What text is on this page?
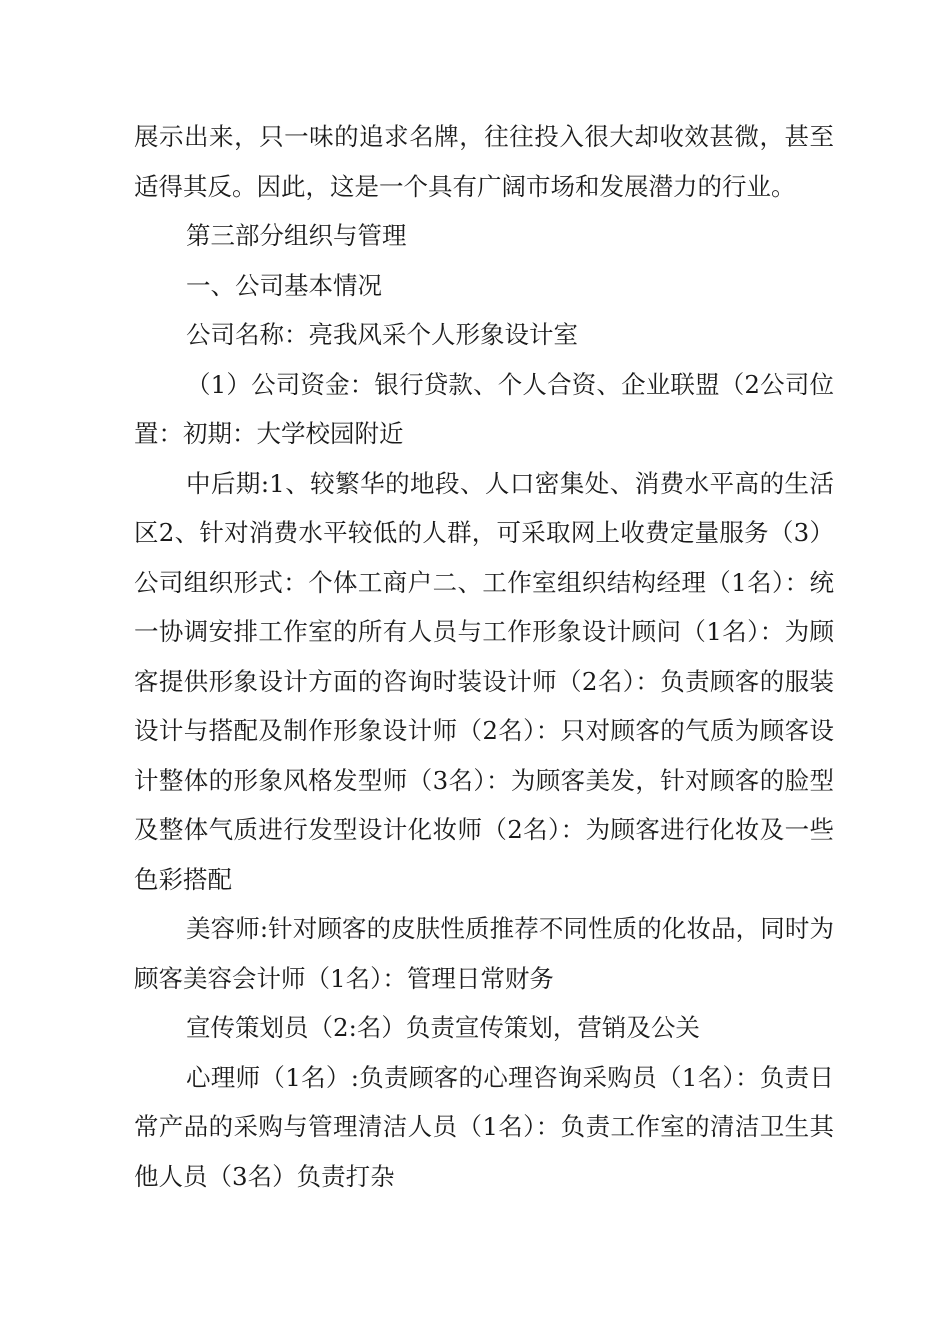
展示出来，只一味的追求名牌，往往投入很大却收效甚微，甚至适得其反。因此，这是一个具有广阔市场和发展潜力的行业。

第三部分组织与管理

一、公司基本情况

公司名称：亮我风采个人形象设计室

（1）公司资金：银行贷款、个人合资、企业联盟（2公司位置：初期：大学校园附近

中后期:1、较繁华的地段、人口密集处、消费水平高的生活区2、针对消费水平较低的人群，可采取网上收费定量服务（3）公司组织形式：个体工商户二、工作室组织结构经理（1名）：统一协调安排工作室的所有人员与工作形象设计顾问（1名）：为顾客提供形象设计方面的咨询时装设计师（2名）：负责顾客的服装设计与搭配及制作形象设计师（2名）：只对顾客的气质为顾客设计整体的形象风格发型师（3名）：为顾客美发，针对顾客的脸型及整体气质进行发型设计化妆师（2名）：为顾客进行化妆及一些色彩搭配

美容师:针对顾客的皮肤性质推荐不同性质的化妆品，同时为顾客美容会计师（1名）：管理日常财务

宣传策划员（2:名）负责宣传策划，营销及公关

心理师（1名）:负责顾客的心理咨询采购员（1名）：负责日常产品的采购与管理清洁人员（1名）：负责工作室的清洁卫生其他人员（3名）负责打杂
